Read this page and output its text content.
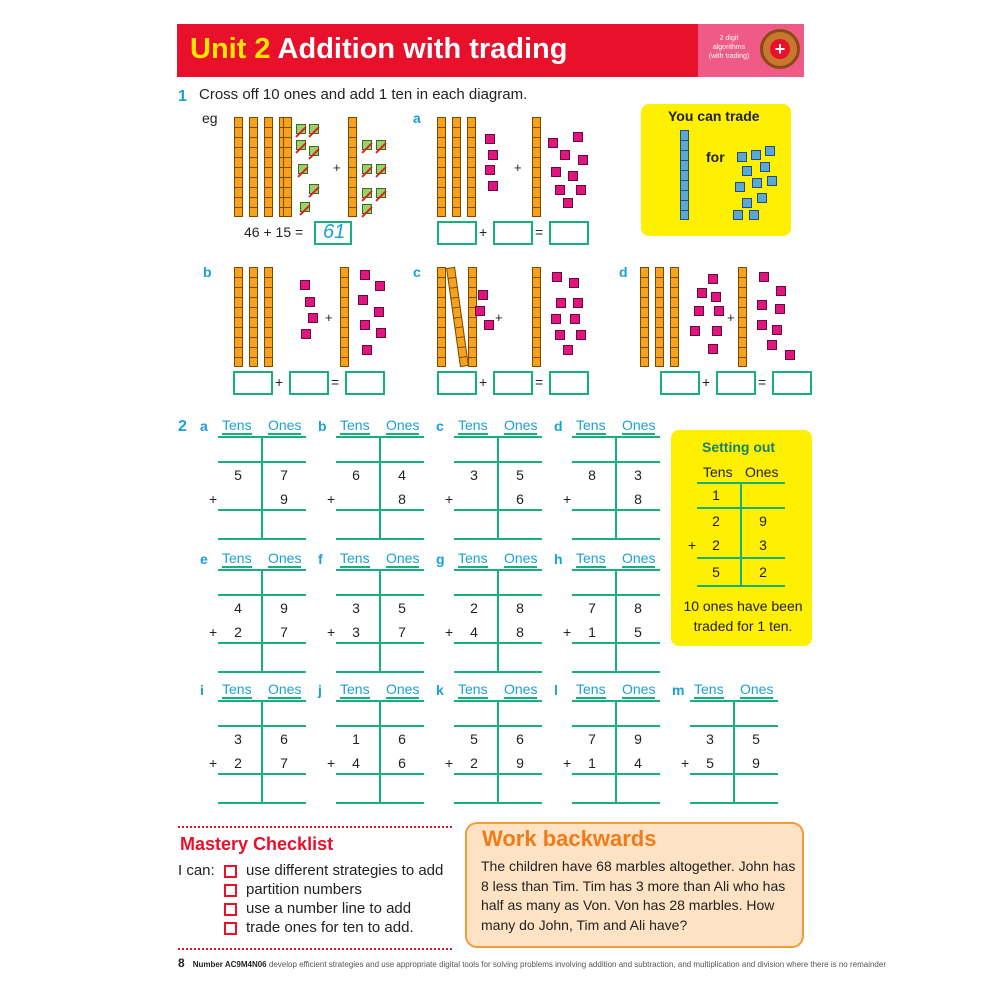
Unit 2 Addition with trading	2 digit
algorithms
(with trading)	+
1 Cross off 10 ones and add 1 ten in each diagram.
eg
+	+
+	+	+
46 + 15 = 61
a
b	c	d
+	=
+	=	+	=	+	=
You can trade
for
2 a Tens Ones
5	7
+	9
b Tens Ones
6	4
+	8
c Tens Ones
3	5
+	6
d Tens Ones
8	3
+	8
e Tens Ones
4	9
+ 2	7
f Tens Ones
3	5
+ 3	7
g Tens Ones
2	8
+ 4	8
h Tens Ones
7	8
+ 1	5
i Tens Ones
3	6
+ 2	7
j Tens Ones
1	6
+ 4	6
k Tens Ones
5	6
+ 2	9
l Tens Ones
7	9
+ 1	4
m Tens Ones
3	5
+ 5	9
Setting out
Tens Ones
1
2	9
+ 2	3
5	2
10 ones have been traded for 1 ten.
Mastery Checklist
I can: use different strategies to add
partition numbers
use a number line to add
trade ones for ten to add.
Work backwards
The children have 68 marbles altogether. John has 8 less than Tim. Tim has 3 more than Ali who has half as many as Von. Von has 28 marbles. How many do John, Tim and Ali have?
8 Number AC9M4N06 develop efficient strategies and use appropriate digital tools for solving problems involving addition and subtraction, and multiplication and division where there is no remainder
